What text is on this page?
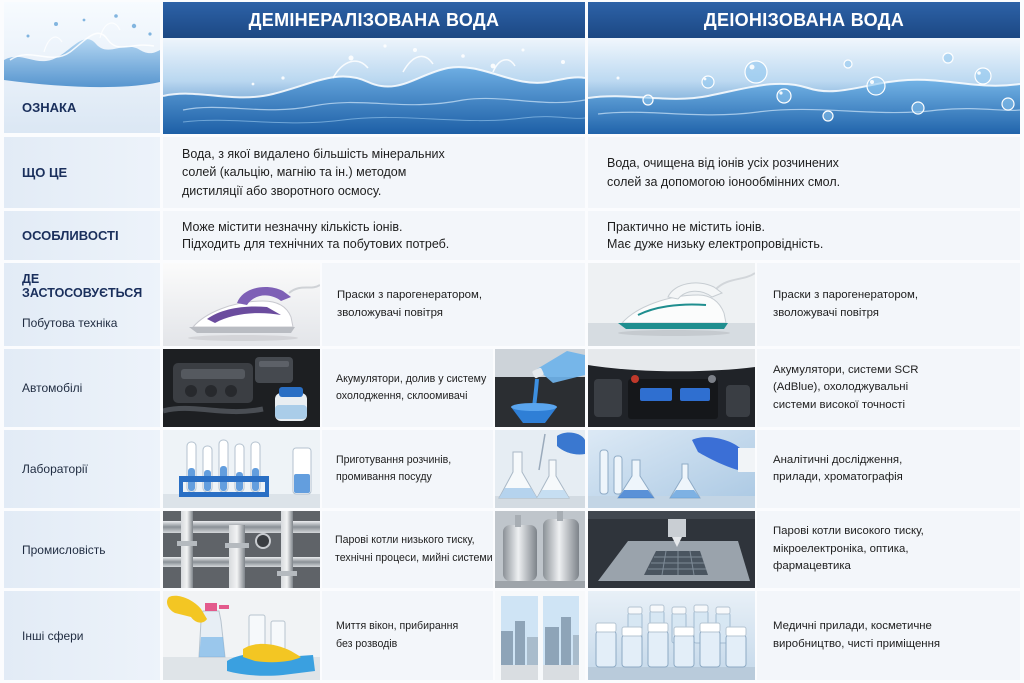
ОЗНАКА
ДЕМІНЕРАЛІЗОВАНА ВОДА	ДЕІОНІЗОВАНА ВОДА
ЩО ЦЕ
Вода, з якої видалено більшість мінеральних
солей (кальцію, магнію та ін.) методом
дистиляції або зворотного осмосу.
Вода, очищена від іонів усіх розчинених
солей за допомогою іонообмінних смол.
ОСОБЛИВОСТІ
Може містити незначну кількість іонів.
Підходить для технічних та побутових потреб.
Практично не містить іонів.
Має дуже низьку електропровідність.
ДЕ ЗАСТОСОВУЄТЬСЯ
Побутова техніка
Праски з парогенератором,
зволожувачі повітря
Праски з парогенератором,
зволожувачі повітря
Автомобілі
Акумулятори, долив у систему
охолодження, склоомивачі
Акумулятори, системи SCR
(AdBlue), охолоджувальні
системи високої точності
Лабораторії
Приготування розчинів,
промивання посуду
Аналітичні дослідження,
прилади, хроматографія
Промисловість
Парові котли низького тиску,
технічні процеси, мийні системи
Парові котли високого тиску,
мікроелектроніка, оптика,
фармацевтика
Інші сфери
Миття вікон, прибирання
без розводів
Медичні прилади, косметичне
виробництво, чисті приміщення
